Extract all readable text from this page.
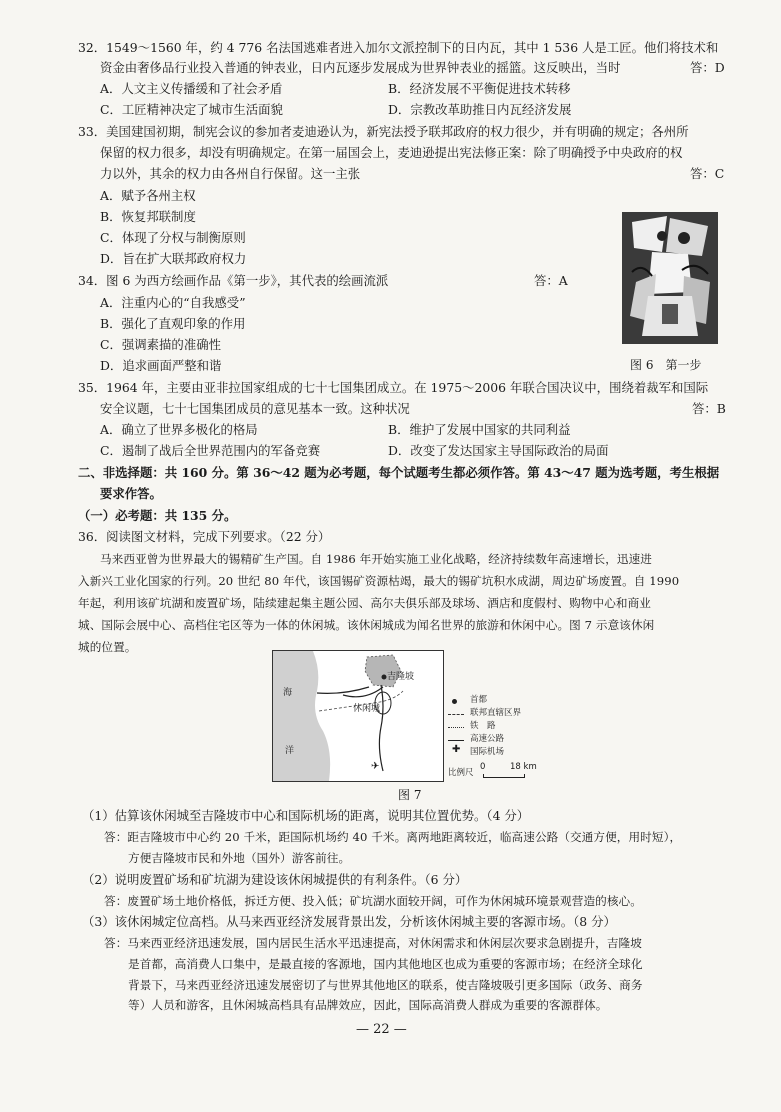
32．1549～1560 年，约 4 776 名法国逃难者进入加尔文派控制下的日内瓦，其中 1 536 人是工匠。他们将技术和
资金由奢侈品行业投入普通的钟表业，日内瓦逐步发展成为世界钟表业的摇篮。这反映出，当时	答：D
A．人文主义传播缓和了社会矛盾	B．经济发展不平衡促进技术转移
C．工匠精神决定了城市生活面貌	D．宗教改革助推日内瓦经济发展
33．美国建国初期，制宪会议的参加者麦迪逊认为，新宪法授予联邦政府的权力很少，并有明确的规定；各州所
保留的权力很多，却没有明确规定。在第一届国会上，麦迪逊提出宪法修正案：除了明确授予中央政府的权
力以外，其余的权力由各州自行保留。这一主张	答：C
A．赋予各州主权
B．恢复邦联制度
C．体现了分权与制衡原则
D．旨在扩大联邦政府权力
图 6　第一步
34．图 6 为西方绘画作品《第一步》，其代表的绘画流派	答：A
A．注重内心的“自我感受”
B．强化了直观印象的作用
C．强调素描的准确性
D．追求画面严整和谐
35．1964 年，主要由亚非拉国家组成的七十七国集团成立。在 1975～2006 年联合国决议中，围绕着裁军和国际
安全议题，七十七国集团成员的意见基本一致。这种状况	答：B
A．确立了世界多极化的格局	B．维护了发展中国家的共同利益
C．遏制了战后全世界范围内的军备竞赛	D．改变了发达国家主导国际政治的局面
二、非选择题：共 160 分。第 36～42 题为必考题，每个试题考生都必须作答。第 43～47 题为选考题，考生根据
要求作答。
（一）必考题：共 135 分。
36．阅读图文材料，完成下列要求。（22 分）
马来西亚曾为世界最大的锡精矿生产国。自 1986 年开始实施工业化战略，经济持续数年高速增长，迅速进
入新兴工业化国家的行列。20 世纪 80 年代，该国锡矿资源枯竭，最大的锡矿坑积水成湖，周边矿场废置。自 1990
年起，利用该矿坑湖和废置矿场，陆续建起集主题公园、高尔夫俱乐部及球场、酒店和度假村、购物中心和商业
城、国际会展中心、高档住宅区等为一体的休闲城。该休闲城成为闻名世界的旅游和休闲中心。图 7 示意该休闲
城的位置。
✈
海
洋
吉隆坡
休闲城
首都
联邦直辖区界
铁　路
高速公路
✚ 国际机场
比例尺
0	18 km
图 7
（1）估算该休闲城至吉隆坡市中心和国际机场的距离，说明其位置优势。（4 分）
答：距吉隆坡市中心约 20 千米，距国际机场约 40 千米。离两地距离较近，临高速公路（交通方便，用时短），
方便吉隆坡市民和外地（国外）游客前往。
（2）说明废置矿场和矿坑湖为建设该休闲城提供的有利条件。（6 分）
答：废置矿场土地价格低，拆迁方便、投入低；矿坑湖水面较开阔，可作为休闲城环境景观营造的核心。
（3）该休闲城定位高档。从马来西亚经济发展背景出发，分析该休闲城主要的客源市场。（8 分）
答：马来西亚经济迅速发展，国内居民生活水平迅速提高，对休闲需求和休闲层次要求急剧提升，吉隆坡
是首都，高消费人口集中，是最直接的客源地，国内其他地区也成为重要的客源市场；在经济全球化
背景下，马来西亚经济迅速发展密切了与世界其他地区的联系，使吉隆坡吸引更多国际（政务、商务
等）人员和游客，且休闲城高档具有品牌效应，因此，国际高消费人群成为重要的客源群体。
— 22 —
